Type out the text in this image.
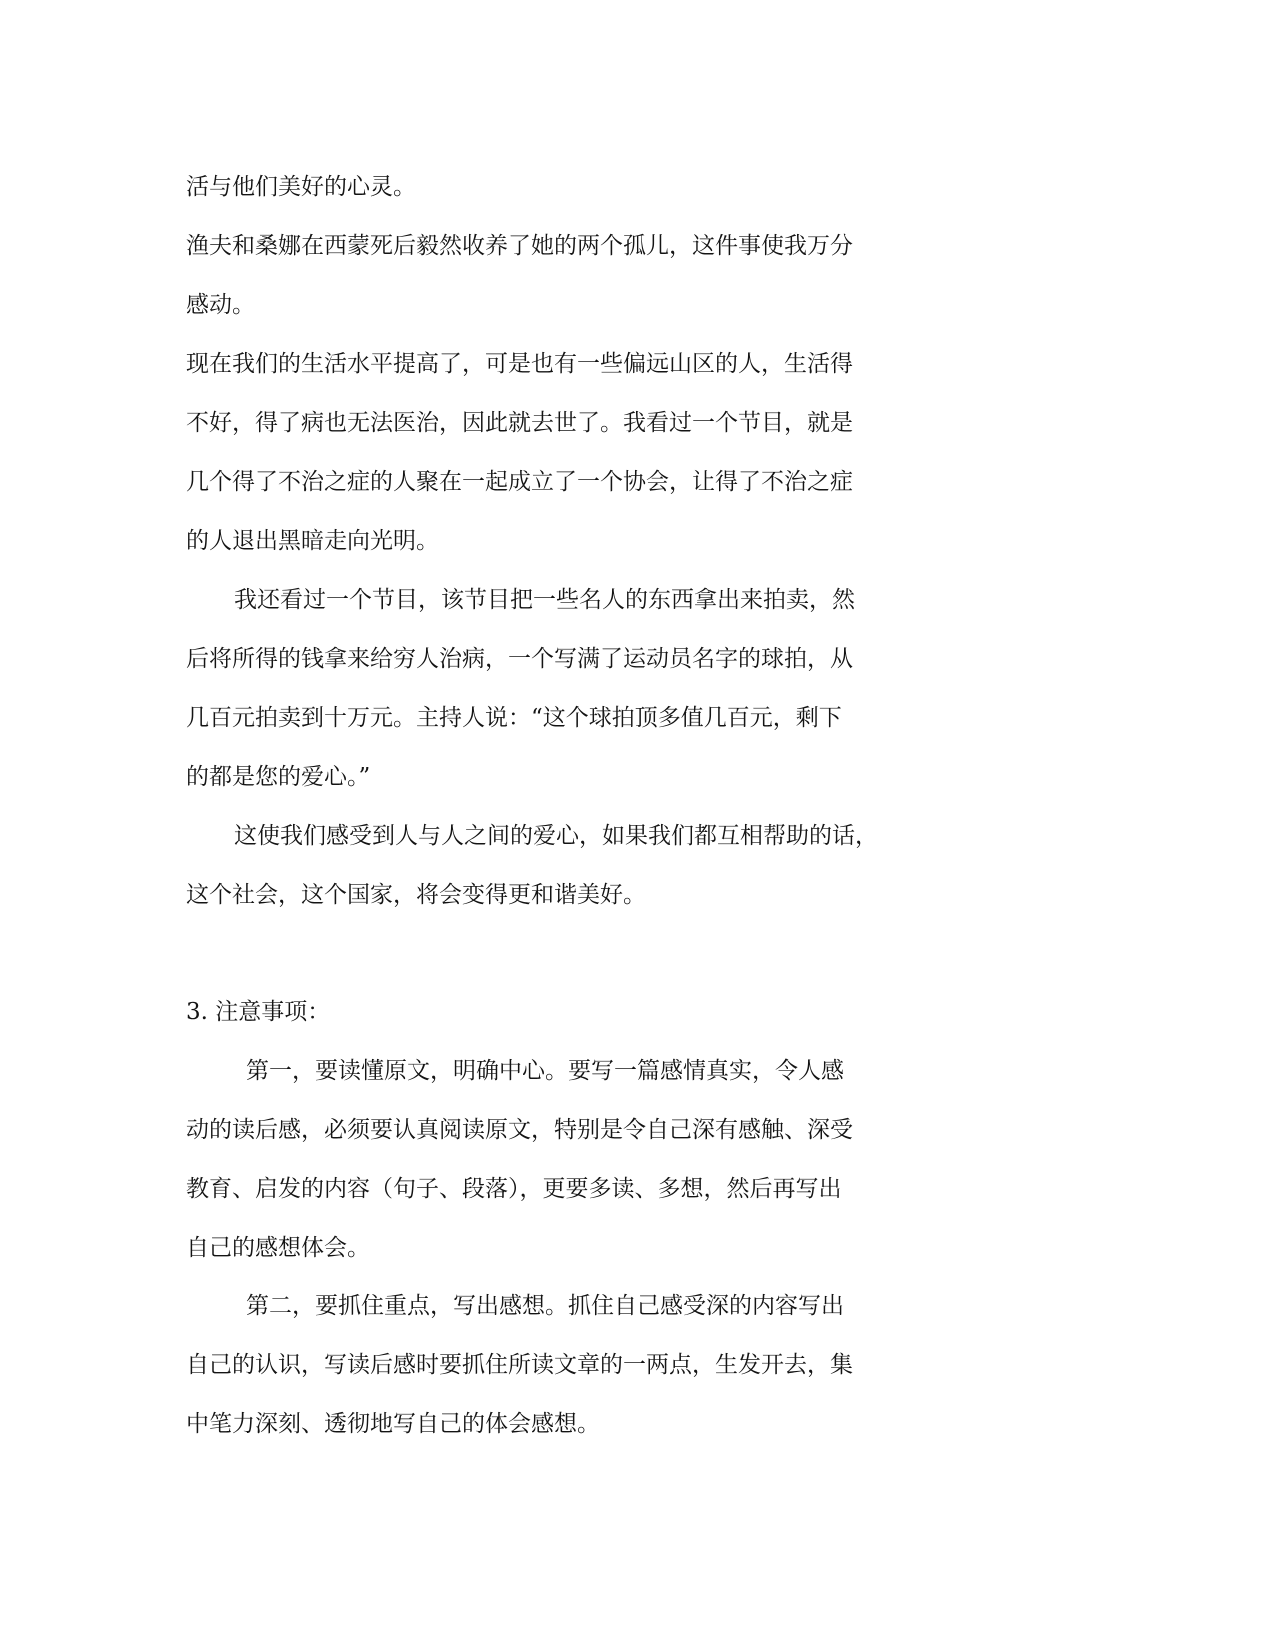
活与他们美好的心灵。
渔夫和桑娜在西蒙死后毅然收养了她的两个孤儿，这件事使我万分
感动。
现在我们的生活水平提高了，可是也有一些偏远山区的人，生活得
不好，得了病也无法医治，因此就去世了。我看过一个节目，就是
几个得了不治之症的人聚在一起成立了一个协会，让得了不治之症
的人退出黑暗走向光明。
我还看过一个节目，该节目把一些名人的东西拿出来拍卖，然
后将所得的钱拿来给穷人治病，一个写满了运动员名字的球拍，从
几百元拍卖到十万元。主持人说：“这个球拍顶多值几百元，剩下
的都是您的爱心。”
这使我们感受到人与人之间的爱心，如果我们都互相帮助的话，
这个社会，这个国家，将会变得更和谐美好。
3. 注意事项：
第一，要读懂原文，明确中心。要写一篇感情真实，令人感
动的读后感，必须要认真阅读原文，特别是令自己深有感触、深受
教育、启发的内容（句子、段落），更要多读、多想，然后再写出
自己的感想体会。
第二，要抓住重点，写出感想。抓住自己感受深的内容写出
自己的认识，写读后感时要抓住所读文章的一两点，生发开去，集
中笔力深刻、透彻地写自己的体会感想。
